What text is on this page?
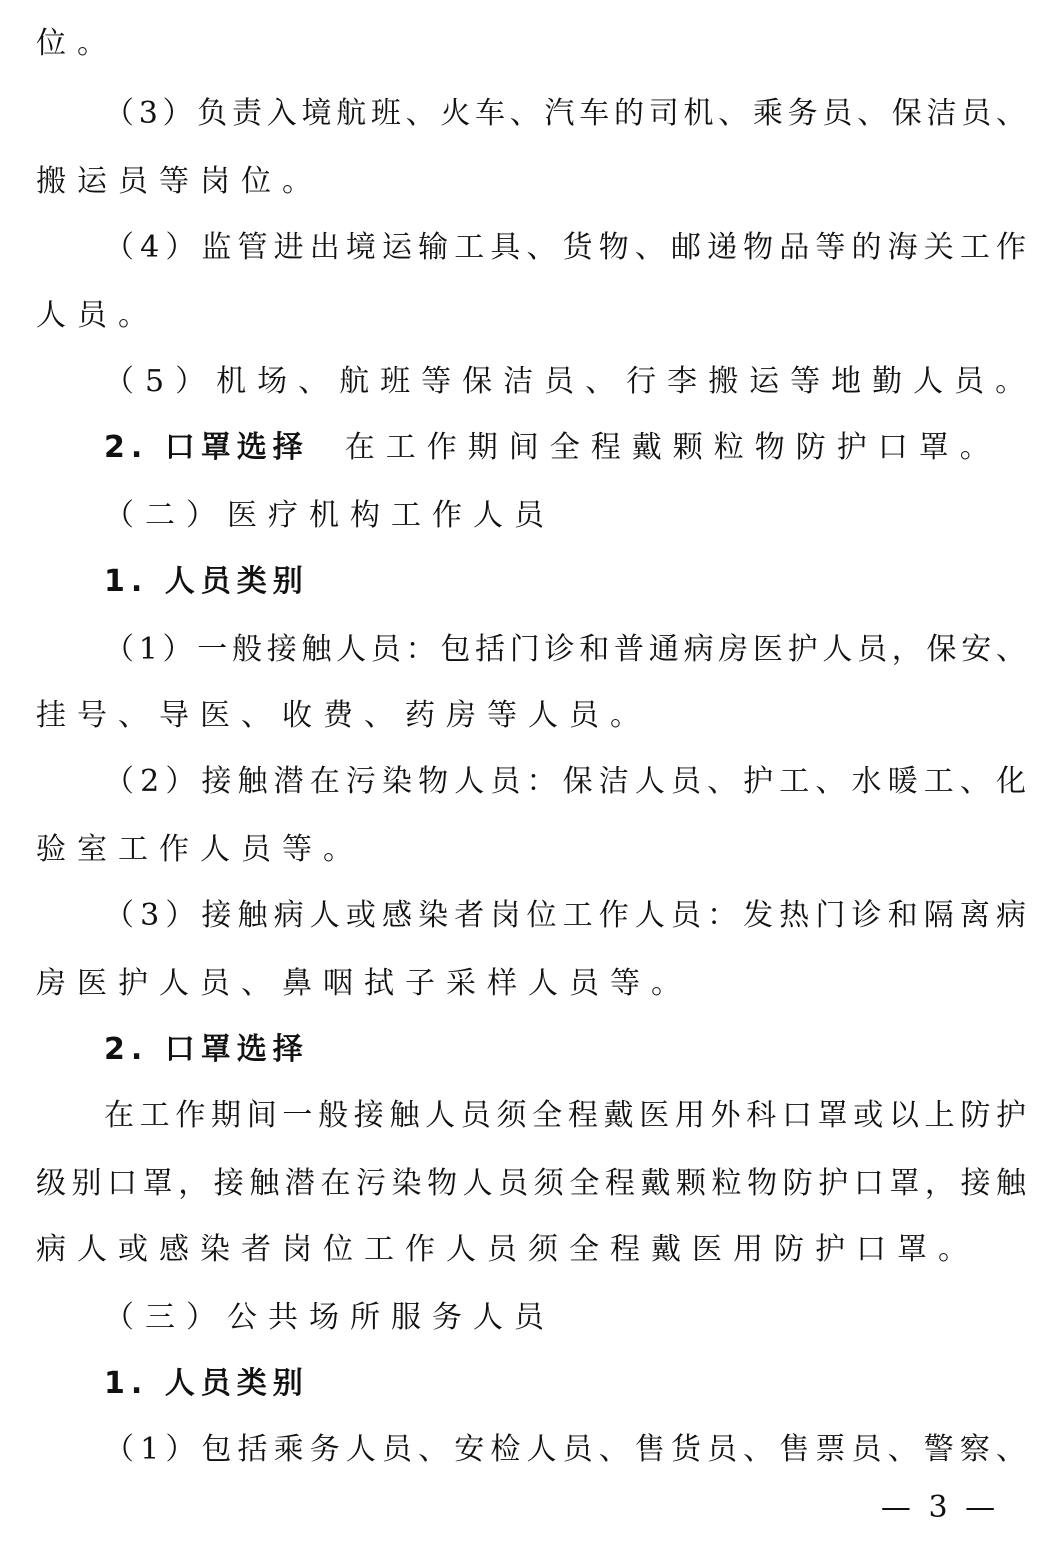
位。
（3）负责入境航班、火车、汽车的司机、乘务员、保洁员、
搬运员等岗位。
（4）监管进出境运输工具、货物、邮递物品等的海关工作
人员。
（5）机场、航班等保洁员、行李搬运等地勤人员。
2. 口罩选择 在工作期间全程戴颗粒物防护口罩。
（二）医疗机构工作人员
1. 人员类别
（1）一般接触人员：包括门诊和普通病房医护人员，保安、
挂号、导医、收费、药房等人员。
（2）接触潜在污染物人员：保洁人员、护工、水暖工、化
验室工作人员等。
（3）接触病人或感染者岗位工作人员：发热门诊和隔离病
房医护人员、鼻咽拭子采样人员等。
2. 口罩选择
在工作期间一般接触人员须全程戴医用外科口罩或以上防护
级别口罩，接触潜在污染物人员须全程戴颗粒物防护口罩，接触
病人或感染者岗位工作人员须全程戴医用防护口罩。
（三）公共场所服务人员
1. 人员类别
（1）包括乘务人员、安检人员、售货员、售票员、警察、
— 3 —
